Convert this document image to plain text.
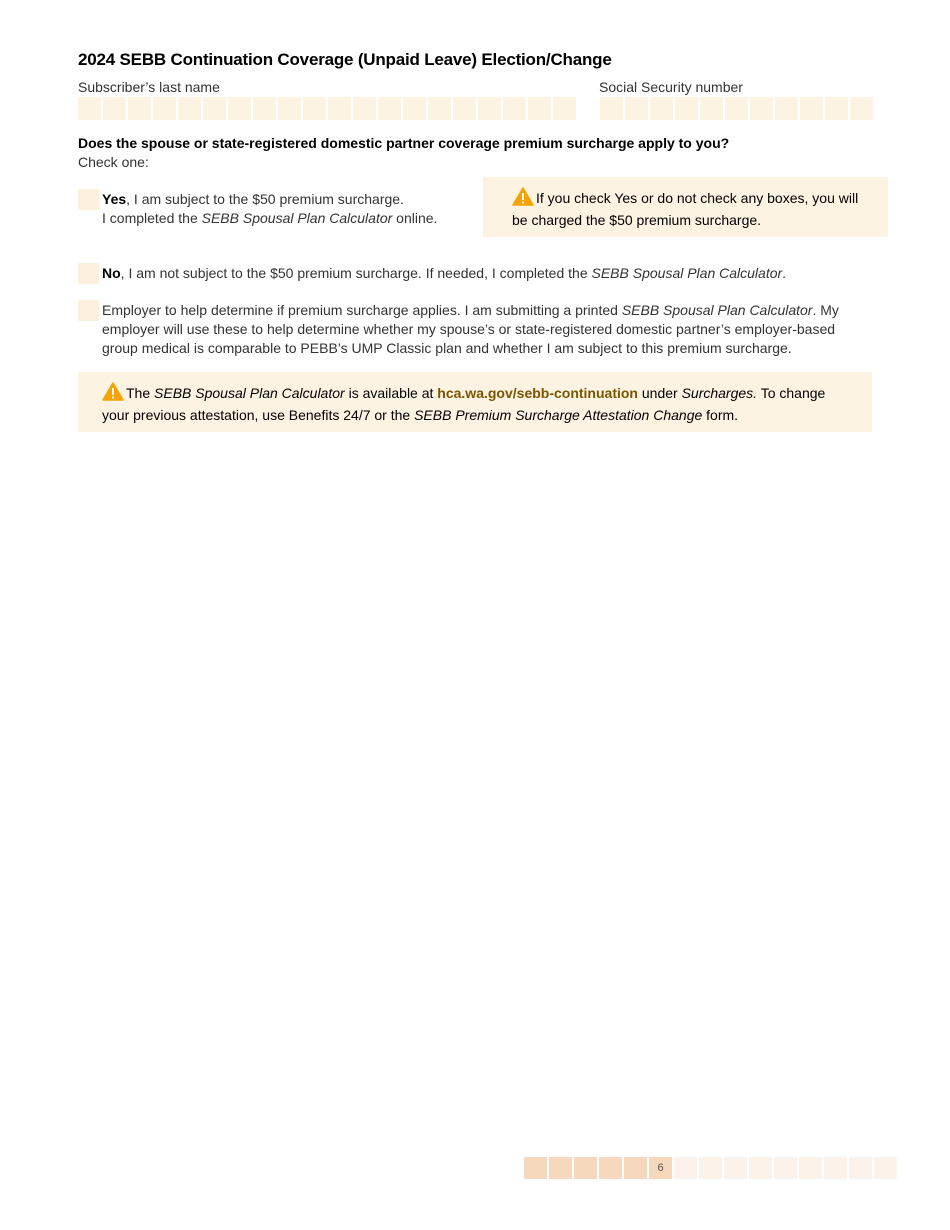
2024 SEBB Continuation Coverage (Unpaid Leave) Election/Change
Subscriber’s last name	Social Security number
Does the spouse or state-registered domestic partner coverage premium surcharge apply to you?
Check one:
Yes, I am subject to the $50 premium surcharge.
I completed the SEBB Spousal Plan Calculator online.
If you check Yes or do not check any boxes, you will be charged the $50 premium surcharge.
No, I am not subject to the $50 premium surcharge. If needed, I completed the SEBB Spousal Plan Calculator.
Employer to help determine if premium surcharge applies. I am submitting a printed SEBB Spousal Plan Calculator. My employer will use these to help determine whether my spouse’s or state-registered domestic partner’s employer-based group medical is comparable to PEBB’s UMP Classic plan and whether I am subject to this premium surcharge.
The SEBB Spousal Plan Calculator is available at hca.wa.gov/sebb-continuation under Surcharges. To change your previous attestation, use Benefits 24/7 or the SEBB Premium Surcharge Attestation Change form.
6
